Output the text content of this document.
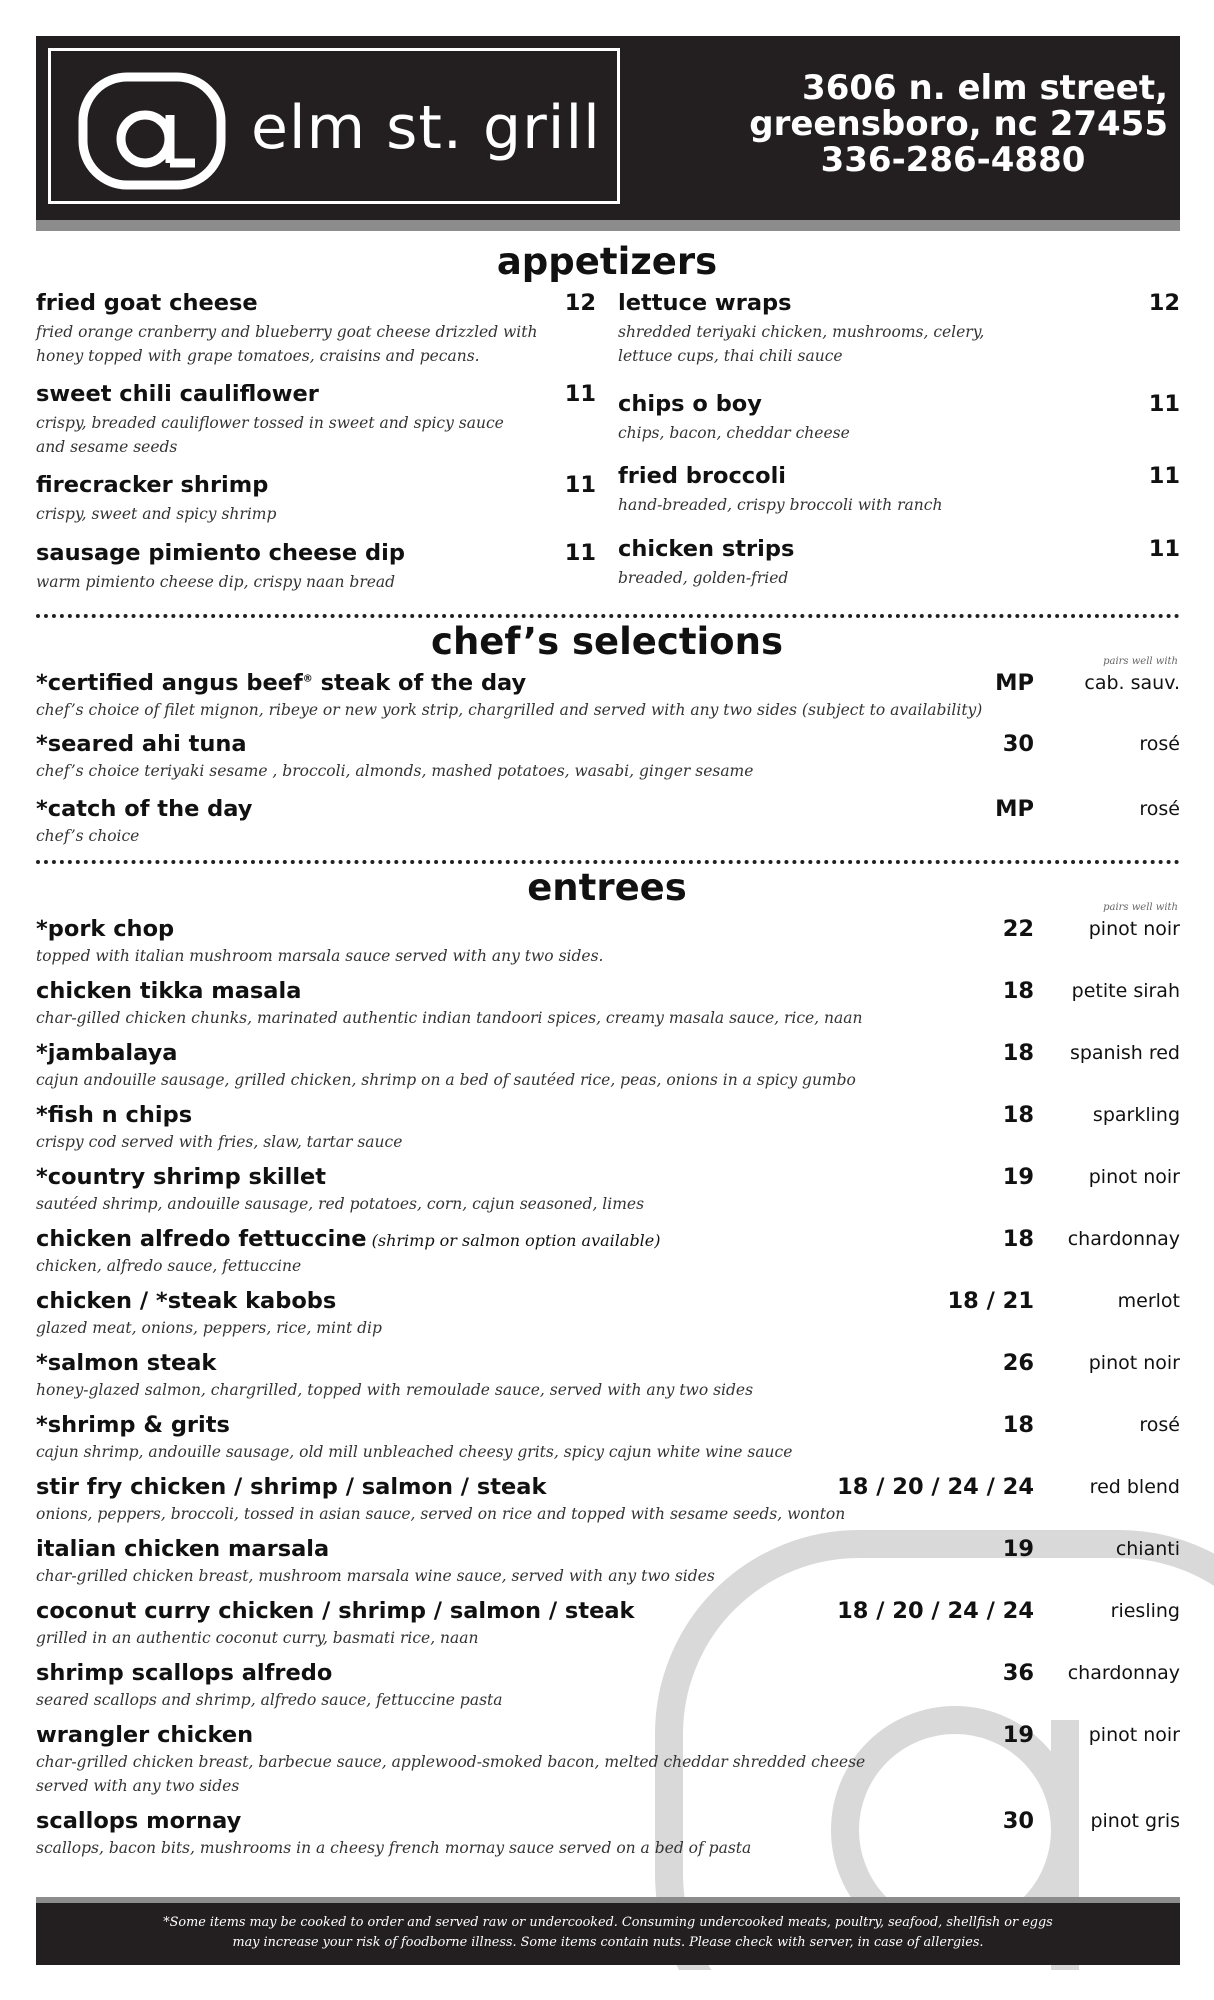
elm st. grill
3606 n. elm street,
greensboro, nc 27455
336-286-4880
appetizers
fried goat cheese	12
fried orange cranberry and blueberry goat cheese drizzled with
honey topped with grape tomatoes, craisins and pecans.
sweet chili cauliflower	11
crispy, breaded cauliflower tossed in sweet and spicy sauce
and sesame seeds
firecracker shrimp	11
crispy, sweet and spicy shrimp
sausage pimiento cheese dip	11
warm pimiento cheese dip, crispy naan bread
lettuce wraps	12
shredded teriyaki chicken, mushrooms, celery,
lettuce cups, thai chili sauce
chips o boy	11
chips, bacon, cheddar cheese
fried broccoli	11
hand-breaded, crispy broccoli with ranch
chicken strips	11
breaded, golden-fried
chef’s selections	pairs well with
*certified angus beef® steak of the day	MP	cab. sauv.
chef’s choice of filet mignon, ribeye or new york strip, chargrilled and served with any two sides (subject to availability)
*seared ahi tuna	30	rosé
chef’s choice teriyaki sesame , broccoli, almonds, mashed potatoes, wasabi, ginger sesame
*catch of the day	MP	rosé
chef’s choice
entrees	pairs well with
*pork chop	22	pinot noir
topped with italian mushroom marsala sauce served with any two sides.
chicken tikka masala	18 petite sirah
char-gilled chicken chunks, marinated authentic indian tandoori spices, creamy masala sauce, rice, naan
*jambalaya	18 spanish red
cajun andouille sausage, grilled chicken, shrimp on a bed of sautéed rice, peas, onions in a spicy gumbo
*fish n chips	18	sparkling
crispy cod served with fries, slaw, tartar sauce
*country shrimp skillet	19	pinot noir
sautéed shrimp, andouille sausage, red potatoes, corn, cajun seasoned, limes
chicken alfredo fettuccine (shrimp or salmon option available)	18 chardonnay
chicken, alfredo sauce, fettuccine
chicken / *steak kabobs	18 / 21	merlot
glazed meat, onions, peppers, rice, mint dip
*salmon steak	26	pinot noir
honey-glazed salmon, chargrilled, topped with remoulade sauce, served with any two sides
*shrimp & grits	18	rosé
cajun shrimp, andouille sausage, old mill unbleached cheesy grits, spicy cajun white wine sauce
stir fry chicken / shrimp / salmon / steak	18 / 20 / 24 / 24	red blend
onions, peppers, broccoli, tossed in asian sauce, served on rice and topped with sesame seeds, wonton
italian chicken marsala	19	chianti
char-grilled chicken breast, mushroom marsala wine sauce, served with any two sides
coconut curry chicken / shrimp / salmon / steak	18 / 20 / 24 / 24	riesling
grilled in an authentic coconut curry, basmati rice, naan
shrimp scallops alfredo	36 chardonnay
seared scallops and shrimp, alfredo sauce, fettuccine pasta
wrangler chicken	19	pinot noir
char-grilled chicken breast, barbecue sauce, applewood-smoked bacon, melted cheddar shredded cheese
served with any two sides
scallops mornay	30	pinot gris
scallops, bacon bits, mushrooms in a cheesy french mornay sauce served on a bed of pasta
*Some items may be cooked to order and served raw or undercooked. Consuming undercooked meats, poultry, seafood, shellfish or eggs
may increase your risk of foodborne illness. Some items contain nuts. Please check with server, in case of allergies.
